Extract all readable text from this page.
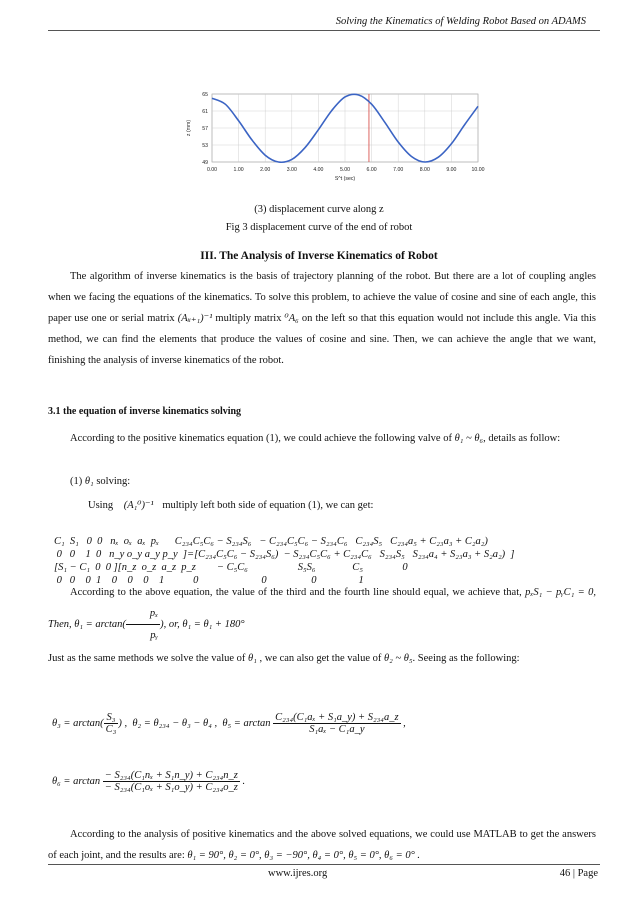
Solving the Kinematics of Welding Robot Based on ADAMS
0.00	1.00	2.00	3.00	4.00	5.00	6.00	7.00	8.00	9.00	10.00
49
53
57
61
65
z (mm)
S^t (sec)
(3) displacement curve along z
Fig 3 displacement curve of the end of robot
III. The Analysis of Inverse Kinematics of Robot
The algorithm of inverse kinematics is the basis of trajectory planning of the robot. But there are a lot of coupling angles when we facing the equations of the kinematics. To solve this problem, to achieve the value of cosine and sine of each angle, this paper use one or serial matrix (Aᵢᵢ₊₁)⁻¹ multiply matrix ⁰A₆ on the left so that this equation would not include this angle. Via this method, we can find the elements that produce the values of cosine and sine. Then, we can achieve the angle that we want, finishing the analysis of inverse kinematics of the robot.
3.1 the equation of inverse kinematics solving
According to the positive kinematics equation (1), we could achieve the following valve of θ₁ ~ θ₆, details as follow:
(1) θ₁ solving:
Using (A₁⁰)⁻¹ multiply left both side of equation (1), we can get:

C₁  S₁   0  0   nₓ  oₓ  aₓ  pₓ      C₂₃₄C₅C₆ − S₂₃₄S₆   − C₂₃₄C₅C₆ − S₂₃₄C₆   C₂₃₄S₅   C₂₃₄a₅ + C₂₃a₃ + C₂a₂)
0   0    1  0   n_y o_y a_y p_y  ]=[C₂₃₄C₅C₆ − S₂₃₄S₆)  − S₂₃₄C₅C₆ + C₂₃₄C₆   S₂₃₄S₅   S₂₃₄a₄ + S₂₃a₃ + S₂a₂)  ]
[S₁ − C₁  0  0 ][n_z  o_z  a_z  p_z        − C₅C₆                   S₅S₆              C₅               0
0   0    0  1    0    0    0    1           0                        0                 0                1

According to the above equation, the value of the third and the fourth line should equal, we achieve that, pₓS₁ − pᵧC₁ = 0, Then, $\theta_1 = \arctan( \frac{\text{pₓ}}{\text{pᵧ}}$ ), or, θ₁ = θ₁ + 180°
Just as the same methods we solve the value of θ₁ , we can also get the value of θ₂ ~ θ₅. Seeing as the following:
$\theta_3 = \arctan( \frac{\text{S₃}}{\text{C₃}}$ ) ,  θ₂ = θ₂₃₄ − θ₃ − θ₄ ,  $\theta_5 = \arctan \frac{\text{C₂₃₄(C₁aₓ + S₁a\_y) + S₂₃₄a\_z}}{\text{S₁aₓ − C₁a\_y}}$ ,
$\theta_6 = \arctan \frac{\text{− S₂₃₄(C₁nₓ + S₁n\_y) + C₂₃₄n\_z}}{\text{− S₂₃₄(C₁oₓ + S₁o\_y) + C₂₃₄o\_z}}$ .
According to the analysis of positive kinematics and the above solved equations, we could use MATLAB to get the answers of each joint, and the results are: θ₁ = 90°, θ₂ = 0°, θ₃ = −90°, θ₄ = 0°, θ₅ = 0°, θ₆ = 0° .
www.ijres.org	46 | Page
